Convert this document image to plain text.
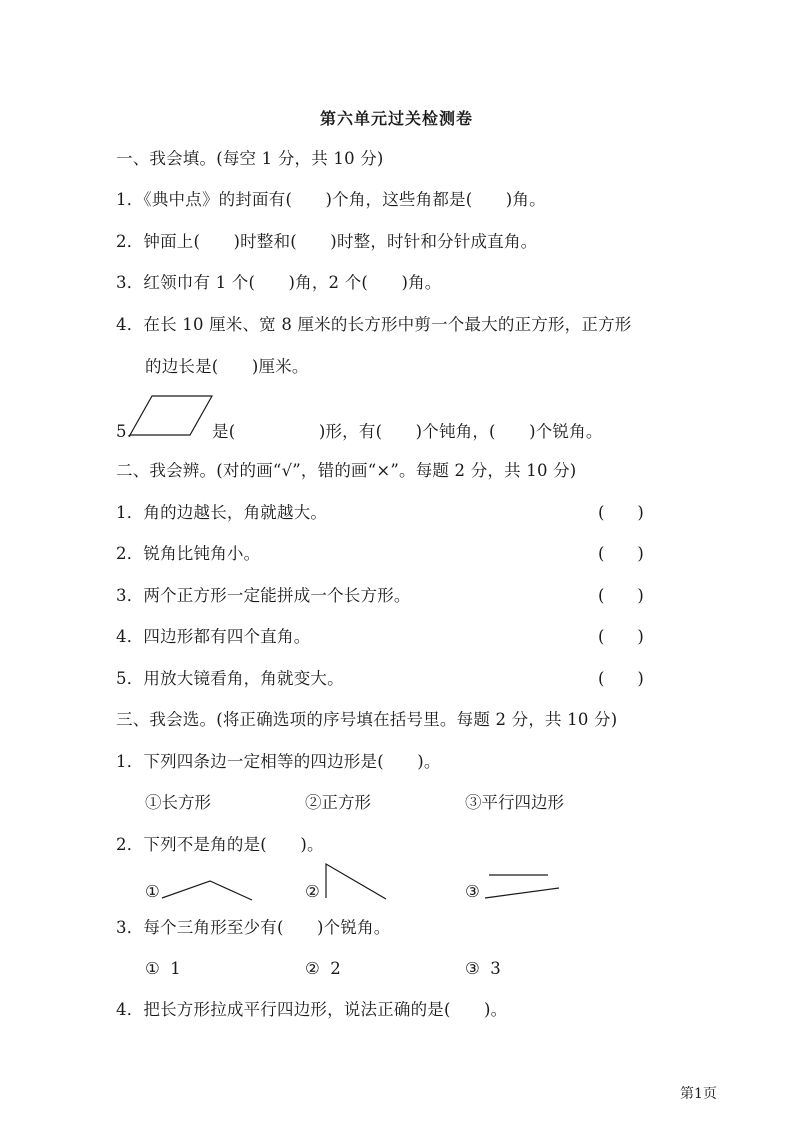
第六单元过关检测卷
一、我会填。(每空 1 分，共 10 分)
1．《典中点》的封面有(　　)个角，这些角都是(　　)角。
2．钟面上(　　)时整和(　　)时整，时针和分针成直角。
3．红领巾有 1 个(　　)角，2 个(　　)角。
4．在长 10 厘米、宽 8 厘米的长方形中剪一个最大的正方形，正方形
的边长是(　　)厘米。
5.	是(　　　　　)形，有(　　)个钝角，(　　)个锐角。
二、我会辨。(对的画“√”，错的画“×”。每题 2 分，共 10 分)
1．角的边越长，角就越大。	(　　)
2．锐角比钝角小。	(　　)
3．两个正方形一定能拼成一个长方形。	(　　)
4．四边形都有四个直角。	(　　)
5．用放大镜看角，角就变大。	(　　)
三、我会选。(将正确选项的序号填在括号里。每题 2 分，共 10 分)
1．下列四条边一定相等的四边形是(　　)。
①长方形	②正方形	③平行四边形
2．下列不是角的是(　　)。
①	②	③
3．每个三角形至少有(　　)个锐角。
①  1	②  2	③  3
4．把长方形拉成平行四边形，说法正确的是(　　)。
第1页
